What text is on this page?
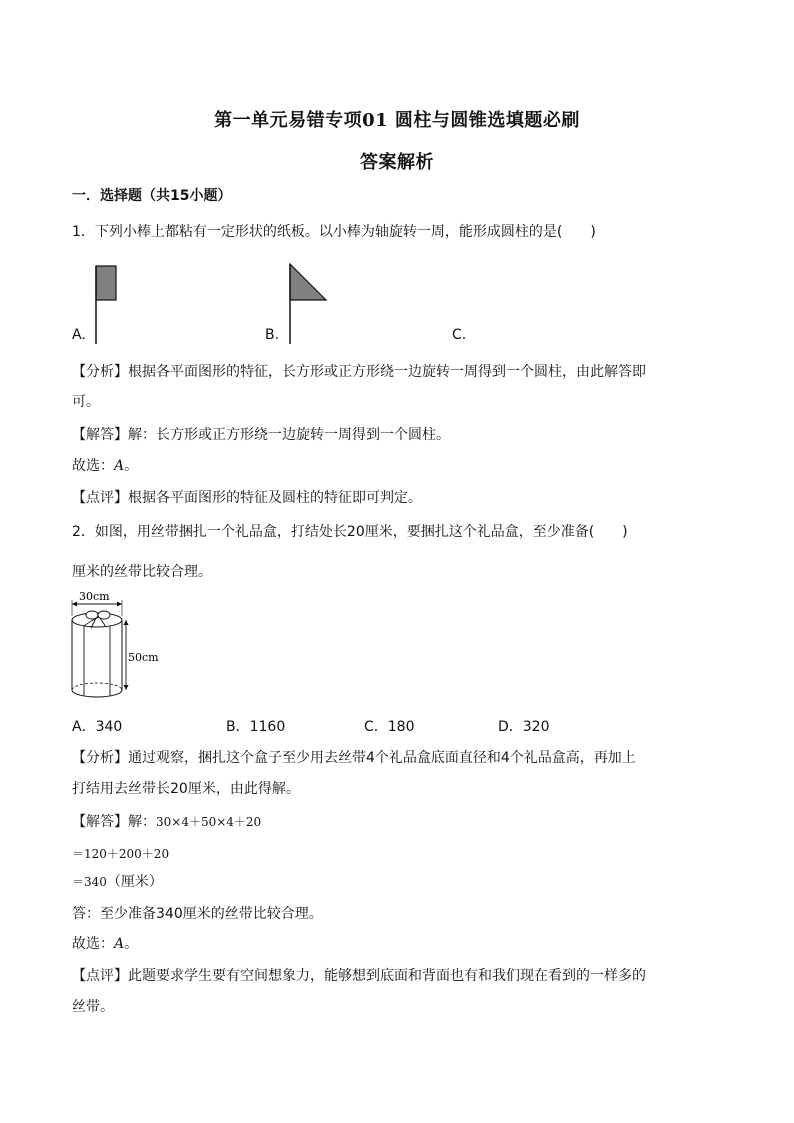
第一单元易错专项01 圆柱与圆锥选填题必刷
答案解析
一．选择题（共15小题）
1．下列小棒上都粘有一定形状的纸板。以小棒为轴旋转一周，能形成圆柱的是(　　)
A.	B.	C.
【分析】根据各平面图形的特征，长方形或正方形绕一边旋转一周得到一个圆柱，由此解答即
可。
【解答】解：长方形或正方形绕一边旋转一周得到一个圆柱。
故选：A。
【点评】根据各平面图形的特征及圆柱的特征即可判定。
2．如图，用丝带捆扎一个礼品盒，打结处长20厘米，要捆扎这个礼品盒，至少准备(　　)
厘米的丝带比较合理。
30cm
50cm
A．340	B．1160	C．180	D．320
【分析】通过观察，捆扎这个盒子至少用去丝带4个礼品盒底面直径和4个礼品盒高，再加上
打结用去丝带长20厘米，由此得解。
【解答】解：30×4＋50×4＋20
＝120＋200＋20
＝340（厘米）
答：至少准备340厘米的丝带比较合理。
故选：A。
【点评】此题要求学生要有空间想象力，能够想到底面和背面也有和我们现在看到的一样多的
丝带。
